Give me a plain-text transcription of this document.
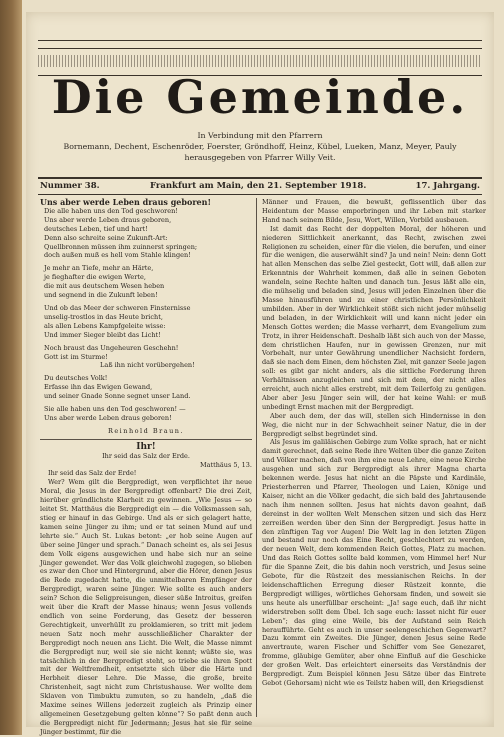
Die Gemeinde.
In Verbindung mit den Pfarrern
Bornemann, Dechent, Eschenröder, Foerster, Gröndhoff, Heinz, Kübel, Lueken, Manz, Meyer, Pauly
herausgegeben von Pfarrer Willy Veit.
Nummer 38.	Frankfurt am Main, den 21. September 1918.	17. Jahrgang.

Uns aber werde Leben draus geboren!

Die alle haben uns den Tod geschworen!

Uns aber werde Leben draus geboren,

deutsches Leben, tief und hart!

Denn also schreite seine Zukunft-Art:

Quellbronnen müssen ihm zuinnerst springen;

doch außen muß es hell vom Stahle klingen!

Je mehr an Tiefe, mehr an Härte,

je fieghafter die ewigen Werte,

die mit aus deutschem Wesen heben

und segnend in die Zukunft leben!

Und ob das Meer der schweren Finsternisse

unselig-trostlos in das Heute bricht,

als allen Lebens Kampfgeleite wisse:

Und immer Sieger bleibt das Licht!

Noch braust das Ungeheuren Geschehn!

Gott ist im Sturme!

Laß ihn nicht vorübergehen!

Du deutsches Volk!

Erfasse ihn das Ewigen Gewand,

und seiner Gnade Sonne segnet unser Land.

Sie alle haben uns den Tod geschworen! —

Uns aber werde Leben draus geboren!

Reinhold Braun.

Ihr!

Ihr seid das Salz der Erde.

Matthäus 5, 13.

Ihr seid das Salz der Erde!

Wer? Wem gilt die Bergpredigt, wen verpflichtet ihr neue Moral, die Jesus in der Bergpredigt offenbart? Die drei Zeit, hierüber gründlichste Klarheit zu gewinnen. „Wie Jesus — so leitet St. Matthäus die Bergpredigt ein — die Volksmassen sah, stieg er hinauf in das Gebirge. Und als er sich gelagert hatte, kamen seine Jünger zu ihm; und er tat seinen Mund auf und lehrte sie.“ Auch St. Lukas betont: „er hob seine Augen auf über seine Jünger und sprach.“ Danach scheint es, als sei Jesus dem Volk eigens ausgewichen und habe sich nur an seine Jünger gewendet. Wer das Volk gleichwohl zugegen, so blieben es zwar den Chor und Hintergrund, aber die Hörer, denen Jesus die Rede zugedacht hatte, die unmittelbaren Empfänger der Bergpredigt, waren seine Jünger. Wie sollte es auch anders sein? Schon die Seligpreisungen, dieser süße Introitus, greifen weit über die Kraft der Masse hinaus; wenn Jesus vollends endlich von seine Forderung, das Gesetz der besseren Gerechtigkeit, unverhüllt zu proklamieren, so tritt mit jedem neuen Satz noch mehr ausschließlicher Charakter der Bergpredigt noch neuen ans Licht. Die Welt, die Masse nimmt die Bergpredigt nur, weil sie sie nicht kennt; wüßte sie, was tatsächlich in der Bergpredigt steht, so triebe sie ihren Spott mit der Weltfremdheit, entsetzte sich über die Härte und Herbheit dieser Lehre. Die Masse, die große, breite Christenheit, sagt nicht zum Christushause. Wer wollte dem Sklaven von Timbuktu zumuten, so zu handeln, „daß die Maxime seines Willens jederzeit zugleich als Prinzip einer allgemeinen Gesetzgebung gelten könne“? So paßt denn auch die Bergpredigt nicht für Jedermann; Jesus hat sie für seine Jünger bestimmt, für die

Männer und Frauen, die bewußt, geflissentlich über das Heidentum der Masse emporbringen und ihr Leben mit starker Hand nach seinem Bilde, Jesu, Wort, Willen, Vorbild ausbauen.

Ist damit das Recht der doppelten Moral, der höheren und niederen Sittlichkeit anerkannt, das Recht, zwischen zwei Religionen zu scheiden, einer für die vielen, die berufen, und einer für die wenigen, die auserwählt sind? Ja und nein! Nein: denn Gott hat allen Menschen das selbe Ziel gesteckt, Gott will, daß allen zur Erkenntnis der Wahrheit kommen, daß alle in seinen Geboten wandeln, seine Rechte halten und danach tun. Jesus läßt alle ein, die mühselig und beladen sind, Jesus will jeden Einzelnen über die Masse hinausführen und zu einer christlichen Persönlichkeit umbilden. Aber in der Wirklichkeit stößt sich nicht jeder mühselig und beladen, in der Wirklichkeit will und kann nicht jeder ein Mensch Gottes werden; die Masse verharrt, dem Evangelium zum Trotz, in ihrer Heidenschaft. Deshalb läßt sich auch von der Masse, dem christlichen Haufen, nur in gewissen Grenzen, nur mit Vorbehalt, nur unter Gewährung unendlicher Nachsicht fordern, daß sie nach dem Einen, dem höchsten Ziel, mit ganzer Seele jagen soll: es gibt gar nicht anders, als die sittliche Forderung ihren Verhältnissen anzugleichen und sich mit dem, der nicht alles erreicht, auch nicht alles erstrebt, mit dem Teilerfolg zu genügen. Aber aber Jesu Jünger sein will, der hat keine Wahl: er muß unbedingt Ernst machen mit der Bergpredigt.

Aber auch dem, der das will, stellen sich Hindernisse in den Weg, die nicht nur in der Schwachheit seiner Natur, die in der Bergpredigt selbst begründet sind.

Als Jesus im galiläischen Gebirge zum Volke sprach, hat er nicht damit gerechnet, daß seine Rede ihre Welten über die ganze Zeiten und Völker machen, daß von ihm eine neue Lehre, eine neue Kirche ausgehen und sich zur Bergpredigt als ihrer Magna charta bekennen werde. Jesus hat nicht an die Päpste und Kardinäle, Priesterherren und Pfarrer, Theologen und Laien, Könige und Kaiser, nicht an die Völker gedacht, die sich bald des Jahrtausende nach ihm nennen sollten. Jesus hat nichts davon geahnt, daß dereinst in der wollten Welt Menschen sitzen und sich das Herz zerreißen werden über den Sinn der Bergpredigt. Jesus hatte in den zünftigen Tag vor Augen! Die Welt lag in den letzten Zügen und bestand nur noch das Eine Recht, geschlechtert zu werden, der neuen Welt, dem kommenden Reich Gottes, Platz zu machen. Und das Reich Gottes sollte bald kommen, vom Himmel her! Nur für die Spanne Zeit, die bis dahin noch verstrich, und Jesus seine Gebote, für die Rüstzeit des messianischen Reichs. In der leidenschaftlichen Erregung dieser Rüstzeit konnte, die Bergpredigt williges, wörtliches Gehorsam finden, und soweit sie uns heute als unerfüllbar erscheint: „Ja! sage euch, daß ihr nicht widerstreben sollt dem Übel. Ich sage euch: lasset nicht für euer Leben“; das ging eine Weile, bis der Aufstand sein Reich heraufführte. Geht es auch in unser seelengeschichen Gegenwart? Dazu kommt ein Zweites. Die Jünger, denen Jesus seine Rede anvertraute, waren Fischer und Schiffer vom See Genezaret, fromme, gläubige Gemüter, aber ohne Einfluß auf die Geschicke der großen Welt. Das erleichtert einerseits das Verständnis der Bergpredigt. Zum Beispiel können Jesu Sätze über das Eintrete Gebot (Gehorsam) nicht wie es Teilstz haben will, den Kriegsdienst
